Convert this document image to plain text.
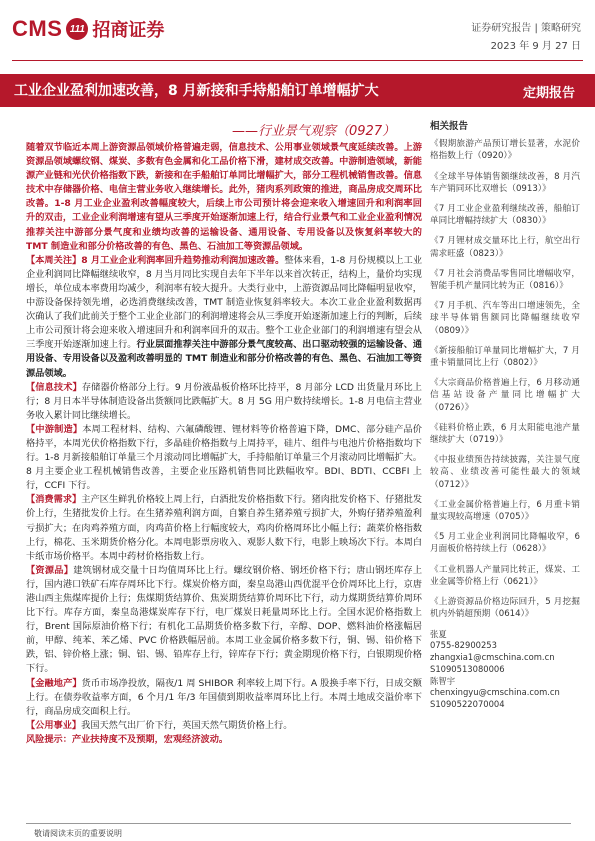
CMS 111 招商证券	证券研究报告 | 策略研究
2023 年 9 月 27 日
工业企业盈利加速改善，8 月新接和手持船舶订单增幅扩大	定期报告
——行业景气观察（0927）

随着双节临近本周上游资源品领域价格普遍走弱，信息技术、公用事业领域景气度延续改善。上游资源品领域螺纹钢、煤炭、多数有色金属和化工品价格下滑，建材成交改善。中游制造领域，新能源产业链和光伏价格指数下跌，新接和在手船舶订单同比增幅扩大，部分工程机械销售改善。信息技术中存储器价格、电信主营业务收入继续增长。此外，猪肉系列政策的推进，商品房成交周环比改善。1-8 月工业企业盈利改善幅度较大，后续上市公司预计将会迎来收入增速回升和利润率回升的双击，工业企业利润增速有望从三季度开始逐渐加速上行，结合行业景气和工业企业盈利情况推荐关注中游部分景气度和业绩均改善的运输设备、通用设备、专用设备以及恢复斜率较大的 TMT 制造业和部分价格改善的有色、黑色、石油加工等资源品领域。

【本周关注】8 月工业企业利润率回升趋势推动利润加速改善。整体来看，1-8 月份规模以上工业企业利润同比降幅继续收窄，8 月当月同比实现自去年下半年以来首次转正，结构上，量价均实现增长，单位成本率费用均减少，利润率有较大提升。大类行业中，上游资源品同比降幅明显收窄，中游设备保持领先增，必选消费继续改善，TMT 制造业恢复斜率较大。本次工业企业盈利数据再次确认了我们此前关于整个工业企业部门的利润增速将会从三季度开始逐渐加速上行的判断，后续上市公司预计将会迎来收入增速回升和利润率回升的双击。整个工业企业部门的利润增速有望会从三季度开始逐渐加速上行。行业层面推荐关注中游部分景气度较高、出口驱动较强的运输设备、通用设备、专用设备以及盈利改善明显的 TMT 制造业和部分价格改善的有色、黑色、石油加工等资源品领域。

【信息技术】存储器价格部分上行。9 月份液晶板价格环比持平，8 月部分 LCD 出货量月环比上行；8 月日本半导体制造设备出货额同比跌幅扩大。8 月 5G 用户数持续增长。1-8 月电信主营业务收入累计同比继续增长。

【中游制造】本周工程材料、结构、六氟磷酸锂、锂材料等价格普遍下降，DMC、部分硅产品价格持平，本周光伏价格指数下行，多晶硅价格指数与上周持平，硅片、组件与电池片价格指数均下行。1-8 月新接船舶订单量三个月滚动同比增幅扩大，手持船舶订单量三个月滚动同比增幅扩大。8 月主要企业工程机械销售改善，主要企业压路机销售同比跌幅收窄。BDI、BDTI、CCBFI 上行，CCFI 下行。

【消费需求】主产区生鲜乳价格较上周上行，白酒批发价格指数下行。猪肉批发价格下、仔猪批发价上行，生猪批发价上行。在生猪养殖利润方面，自繁自养生猪养殖亏损扩大，外购仔猪养殖盈利亏损扩大；在肉鸡养殖方面，肉鸡苗价格上行幅度较大，鸡肉价格周环比小幅上行；蔬菜价格指数上行，棉花、玉米期货价格分化。本周电影票房收入、观影人数下行，电影上映场次下行。本周白卡纸市场价格平。本周中药材价格指数上行。

【资源品】建筑钢材成交量十日均值周环比上行。螺纹钢价格、钢坯价格下行；唐山钢坯库存上行，国内港口铁矿石库存周环比下行。煤炭价格方面，秦皇岛港山西优混平仓价周环比上行，京唐港山西主焦煤库提价上行；焦煤期货结算价、焦炭期货结算价周环比下行，动力煤期货结算价周环比下行。库存方面，秦皇岛港煤炭库存下行，电厂煤炭日耗量周环比上行。全国水泥价格指数上行，Brent 国际原油价格下行；有机化工品期货价格多数下行，辛醇、DOP、燃料油价格涨幅居前，甲醇、纯苯、苯乙烯、PVC 价格跌幅居前。本周工业金属价格多数下行，铜、锡、铅价格下跌，铝、锌价格上涨；铜、铝、锡、铅库存上行，锌库存下行；黄金期现价格下行，白银期现价格下行。

【金融地产】货币市场净投放，隔夜/1 周 SHIBOR 利率较上周下行。A 股换手率下行，日成交额上行。在债券收益率方面，6 个月/1 年/3 年国债到期收益率周环比上行。本周土地成交溢价率下行，商品房成交面积上行。

【公用事业】我国天然气出厂价下行，英国天然气期货价格上行。

风险提示：产业扶持度不及预期，宏观经济波动。

相关报告
《假期旅游产品预订增长显著，水泥价格指数上行（0920）》
《全球半导体销售额继续改善，8 月汽车产销同环比双增长（0913）》
《7 月工业企业盈利继续改善，船舶订单同比增幅持续扩大（0830）》
《7 月锂材成交量环比上行，航空出行需求旺盛（0823）》
《7 月社会消费品零售同比增幅收窄，智能手机产量同比转为正（0816）》
《7 月手机、汽车等出口增速领先，全球半导体销售额同比降幅继续收窄（0809）》
《新接船舶订单量同比增幅扩大，7 月重卡销量同比上行（0802）》
《大宗商品价格普遍上行，6 月移动通信基站设备产量同比增幅扩大（0726）》
《硅料价格止跌，6 月太阳能电池产量继续扩大（0719）》
《中报业绩预告持续披露，关注景气度较高、业绩改善可能性最大的领域（0712）》
《工业金属价格普遍上行，6 月重卡销量实现较高增速（0705）》
《5 月工业企业利润同比降幅收窄，6 月面板价格持续上行（0628）》
《工业机器人产量同比转正，煤炭、工业金属等价格上行（0621）》
《上游资源品价格边际回升，5 月挖掘机内外销超预期（0614）》
张夏
0755-82900253
zhangxia1@cmschina.com.cn
S1090513080006
陈智宇
chenxingyu@cmschina.com.cn
S1090522070004
敬请阅读末页的重要说明
